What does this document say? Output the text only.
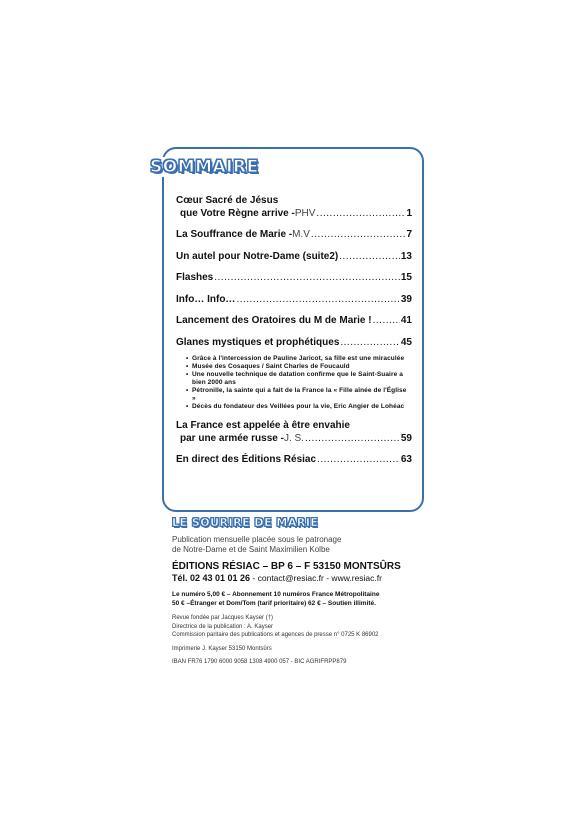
SOMMAIRE
Cœur Sacré de Jésus
que Votre Règne arrive - PHV .....	1
La Souffrance de Marie - M.V .....	7
Un autel pour Notre-Dame (suite2) .....	13
Flashes .....	15
Info… Info… .....	39
Lancement des Oratoires du M de Marie ! .....	41
Glanes mystiques et prophétiques .....	45
• Grâce à l'intercession de Pauline Jaricot, sa fille est une miraculée
• Musée des Cosaques / Saint Charles de Foucauld
• Une nouvelle technique de datation confirme que le Saint-Suaire a bien 2000 ans
• Pétronille, la sainte qui a fait de la France la « Fille aînée de l'Église »
• Décès du fondateur des Veillées pour la vie, Eric Angier de Lohéac
La France est appelée à être envahie
par une armée russe - J. S. .....	59
En direct des Éditions Résiac .....	63
LE SOURIRE DE MARIE
Publication mensuelle placée sous le patronage
de Notre-Dame et de Saint Maximilien Kolbe
ÉDITIONS RÉSIAC – BP 6 – F 53150 MONTSÛRS
Tél. 02 43 01 01 26 - contact@resiac.fr - www.resiac.fr
Le numéro 5,00 € – Abonnement 10 numéros France Métropolitaine
50 € –Étranger et Dom/Tom (tarif prioritaire) 62 € – Soutien illimité.
Revue fondée par Jacques Kayser (†)
Directrice de la publication : A. Kayser
Commission paritaire des publications et agences de presse n° 0725 K 86902
Imprimerie J. Kayser 53150 Montsûrs
IBAN FR76 1790 6000 9058 1308 4900 057 - BIC AGRIFRPP879
